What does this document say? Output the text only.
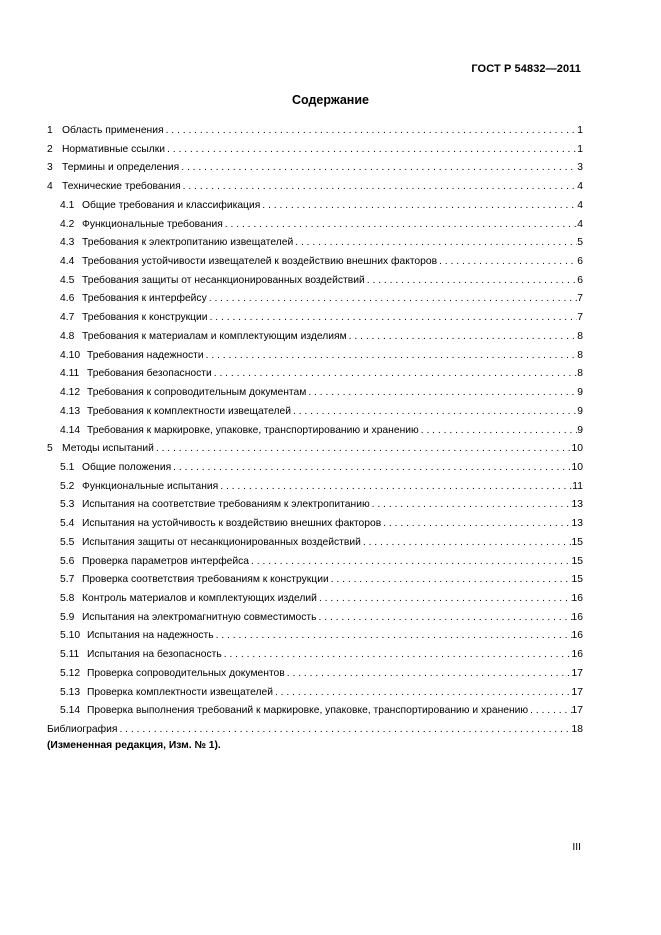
ГОСТ Р 54832—2011
Содержание
1 Область применения . . .	1
2 Нормативные ссылки . . .	1
3 Термины и определения . . .	3
4 Технические требования . . .	4
4.1 Общие требования и классификация . . .	4
4.2 Функциональные требования . . .	4
4.3 Требования к электропитанию извещателей . . .	5
4.4 Требования устойчивости извещателей к воздействию внешних факторов . . .	6
4.5 Требования защиты от несанкционированных воздействий . . .	6
4.6 Требования к интерфейсу . . .	7
4.7 Требования к конструкции . . .	7
4.8 Требования к материалам и комплектующим изделиям . . .	8
4.10 Требования надежности . . .	8
4.11 Требования безопасности . . .	8
4.12 Требования к сопроводительным документам . . .	9
4.13 Требования к комплектности извещателей . . .	9
4.14 Требования к маркировке, упаковке, транспортированию и хранению . . .	9
5 Методы испытаний . . .	10
5.1 Общие положения . . .	10
5.2 Функциональные испытания . . .	11
5.3 Испытания на соответствие требованиям к электропитанию . . .	13
5.4 Испытания на устойчивость к воздействию внешних факторов . . .	13
5.5 Испытания защиты от несанкционированных воздействий . . .	15
5.6 Проверка параметров интерфейса . . .	15
5.7 Проверка соответствия требованиям к конструкции . . .	15
5.8 Контроль материалов и комплектующих изделий . . .	16
5.9 Испытания на электромагнитную совместимость . . .	16
5.10 Испытания на надежность . . .	16
5.11 Испытания на безопасность . . .	16
5.12 Проверка сопроводительных документов . . .	17
5.13 Проверка комплектности извещателей . . .	17
5.14 Проверка выполнения требований к маркировке, упаковке, транспортированию и хранению . . .	17
Библиография . . .	18
(Измененная редакция, Изм. № 1).
III
